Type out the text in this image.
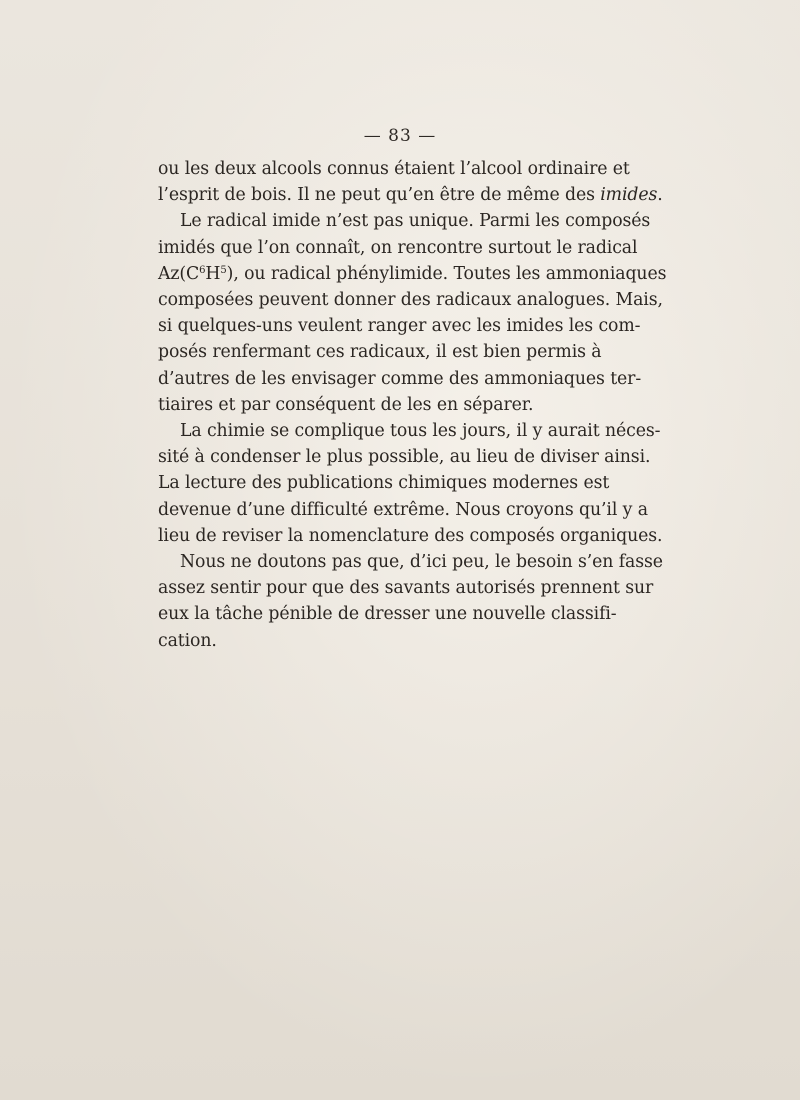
— 83 —
ou les deux alcools connus étaient l’alcool ordinaire et
l’esprit de bois. Il ne peut qu’en être de même des imides.
Le radical imide n’est pas unique. Parmi les composés
imidés que l’on connaît, on rencontre surtout le radical
$Az(C^6H^5)$, ou radical phénylimide. Toutes les ammoniaques
composées peuvent donner des radicaux analogues. Mais,
si quelques-uns veulent ranger avec les imides les com-
posés renfermant ces radicaux, il est bien permis à
d’autres de les envisager comme des ammoniaques ter-
tiaires et par conséquent de les en séparer.
La chimie se complique tous les jours, il y aurait néces-
sité à condenser le plus possible, au lieu de diviser ainsi.
La lecture des publications chimiques modernes est
devenue d’une difficulté extrême. Nous croyons qu’il y a
lieu de reviser la nomenclature des composés organiques.
Nous ne doutons pas que, d’ici peu, le besoin s’en fasse
assez sentir pour que des savants autorisés prennent sur
eux la tâche pénible de dresser une nouvelle classifi-
cation.
